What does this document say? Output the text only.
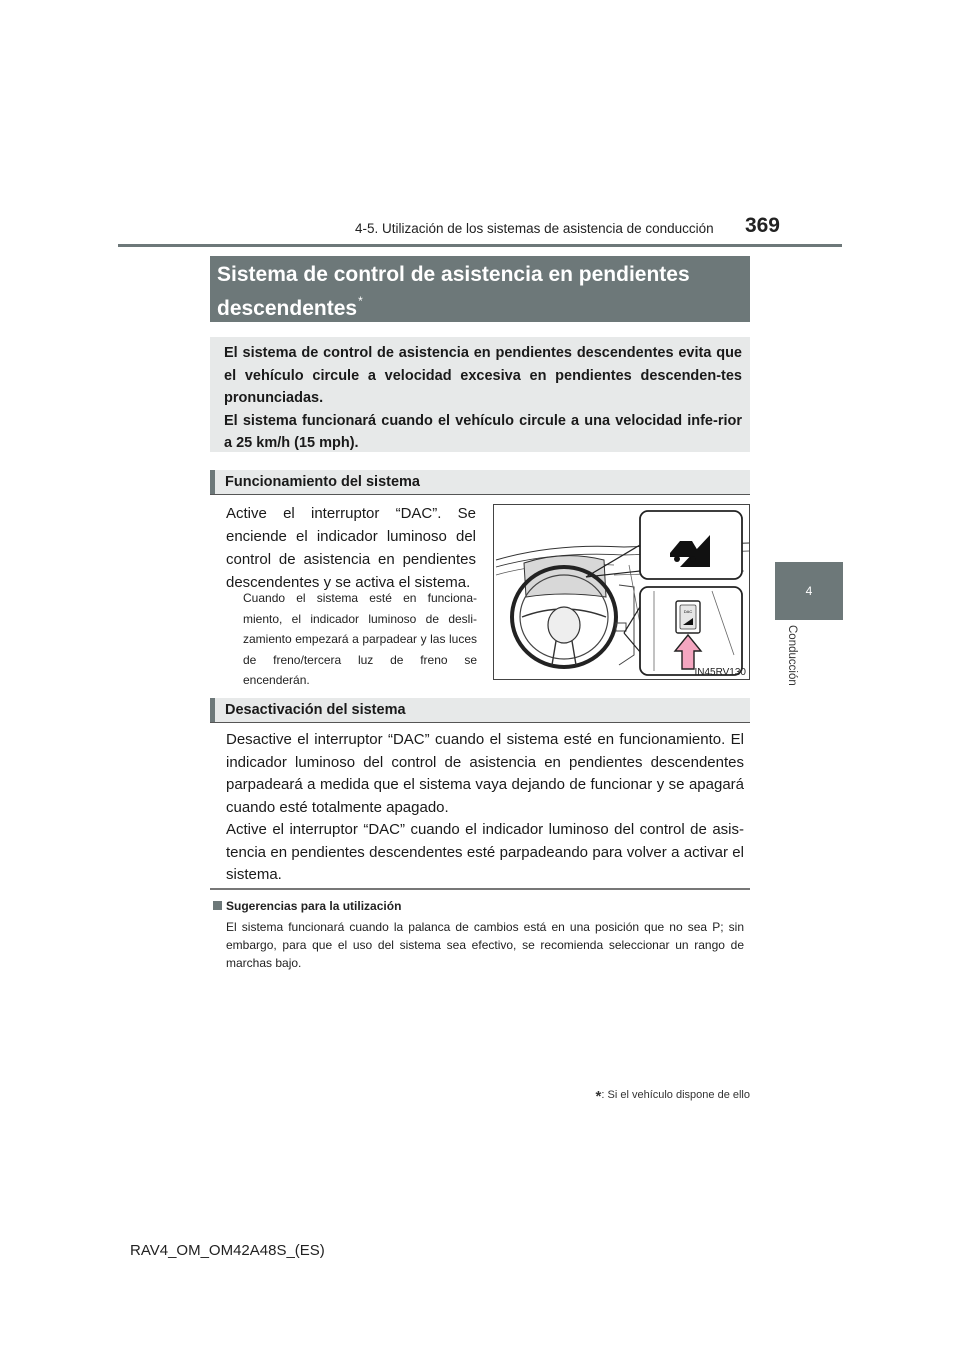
4-5. Utilización de los sistemas de asistencia de conducción 369
4
Conducción
Sistema de control de asistencia en pendientes descendentes*

El sistema de control de asistencia en pendientes descendentes evita que el vehículo circule a velocidad excesiva en pendientes descenden-tes pronunciadas.

El sistema funcionará cuando el vehículo circule a una velocidad infe-rior a 25 km/h (15 mph).

Funcionamiento del sistema
Active el interruptor “DAC”. Se enciende el indicador luminoso del control de asistencia en pendientes descendentes y se activa el sistema.
Cuando el sistema esté en funciona-miento, el indicador luminoso de desli-zamiento empezará a parpadear y las luces de freno/tercera luz de freno se encenderán.
DAC
IN45RV130
Desactivación del sistema
Desactive el interruptor “DAC” cuando el sistema esté en funcionamiento. El indicador luminoso del control de asistencia en pendientes descendentes parpadeará a medida que el sistema vaya dejando de funcionar y se apagará cuando esté totalmente apagado.
Active el interruptor “DAC” cuando el indicador luminoso del control de asis-tencia en pendientes descendentes esté parpadeando para volver a activar el sistema.
Sugerencias para la utilización
El sistema funcionará cuando la palanca de cambios está en una posición que no sea P; sin embargo, para que el uso del sistema sea efectivo, se recomienda seleccionar un rango de marchas bajo.
*: Si el vehículo dispone de ello
RAV4_OM_OM42A48S_(ES)
